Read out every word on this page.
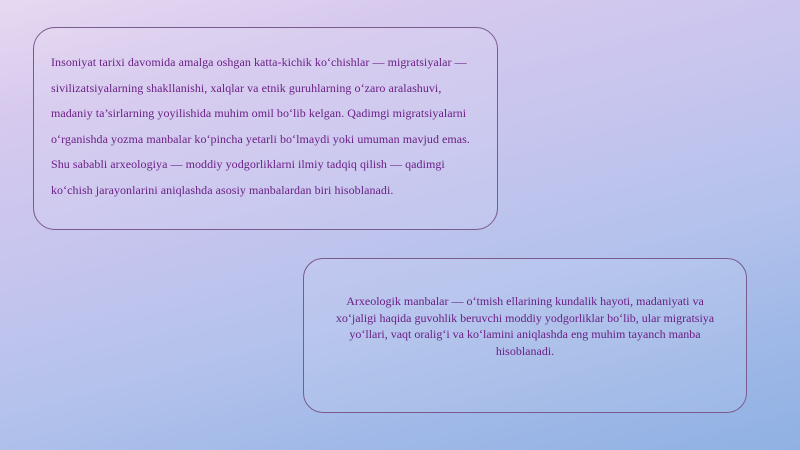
Insoniyat tarixi davomida amalga oshgan katta-kichik ko‘chishlar — migratsiyalar — sivilizatsiyalarning shakllanishi, xalqlar va etnik guruhlarning o‘zaro aralashuvi, madaniy ta’sirlarning yoyilishida muhim omil bo‘lib kelgan. Qadimgi migratsiyalarni o‘rganishda yozma manbalar ko‘pincha yetarli bo‘lmaydi yoki umuman mavjud emas. Shu sababli arxeologiya — moddiy yodgorliklarni ilmiy tadqiq qilish — qadimgi ko‘chish jarayonlarini aniqlashda asosiy manbalardan biri hisoblanadi.

Arxeologik manbalar — o‘tmish ellarining kundalik hayoti, madaniyati va xo‘jaligi haqida guvohlik beruvchi moddiy yodgorliklar bo‘lib, ular migratsiya yo‘llari, vaqt oralig‘i va ko‘lamini aniqlashda eng muhim tayanch manba hisoblanadi.
